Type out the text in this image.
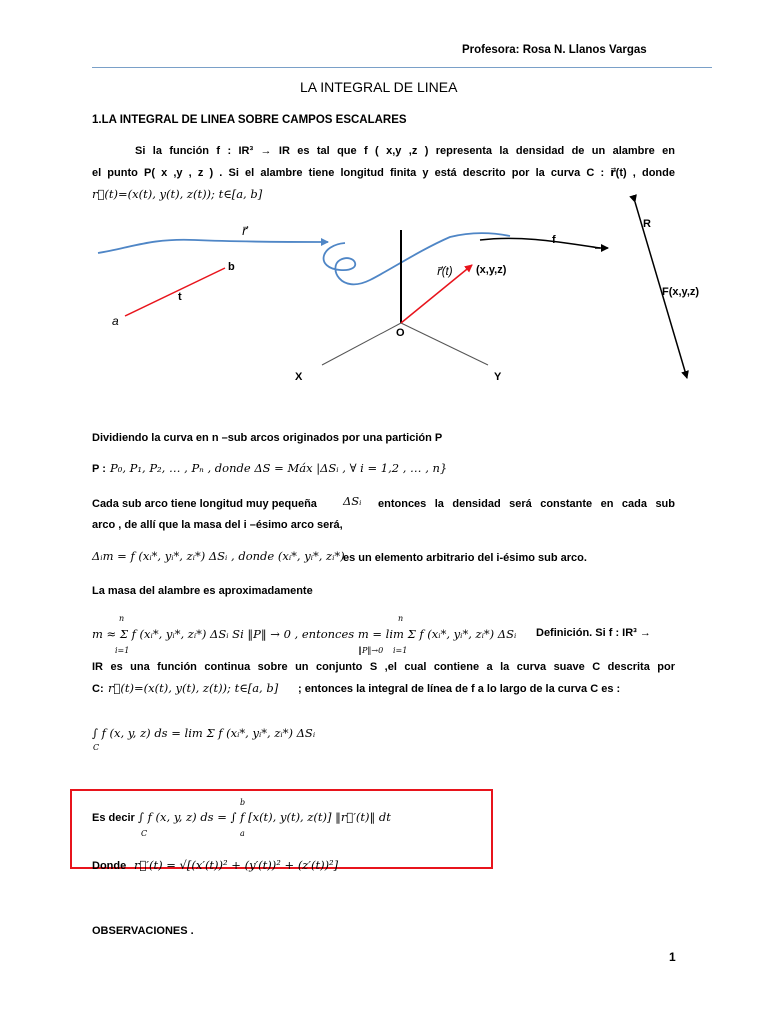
Profesora: Rosa N. Llanos Vargas
LA INTEGRAL DE LINEA
1.LA INTEGRAL DE LINEA SOBRE CAMPOS ESCALARES
Si la función f : IR³ → IR es tal que f ( x,y ,z ) representa la densidad de un alambre en
el punto P( x ,y , z ) . Si el alambre tiene longitud finita y está descrito por la curva C : r⃗(t) , donde
r⃗(t)=(x(t), y(t), z(t)); t∈[a, b]
r⃗
b
t
a
f
r⃗(t) (x,y,z)
O
X	Y
R
F(x,y,z)
Dividiendo la curva en n –sub arcos originados por una partición P
P : P₀, P₁, P₂, … , Pₙ , donde ΔS = Máx |ΔSᵢ , ∀ i = 1,2 , … , n}
Cada sub arco tiene longitud muy pequeña ΔSᵢ entonces la densidad será constante en cada sub
arco , de allí que la masa del i –ésimo arco será,
Δᵢm = f (xᵢ*, yᵢ*, zᵢ*) ΔSᵢ , donde (xᵢ*, yᵢ*, zᵢ*)
es un elemento arbitrario del i-ésimo sub arco.
La masa del alambre es aproximadamente
n	n
m ≈ Σ f (xᵢ*, yᵢ*, zᵢ*) ΔSᵢ Si ‖P‖ → 0 , entonces m = lim Σ f (xᵢ*, yᵢ*, zᵢ*) ΔSᵢ
i=1	‖P‖→0 i=1
Definición. Si f : IR³ →
IR es una función continua sobre un conjunto S ,el cual contiene a la curva suave C descrita por
C: r⃗(t)=(x(t), y(t), z(t)); t∈[a, b] ; entonces la integral de línea de f a lo largo de la curva C es :
∫ f (x, y, z) ds = lim Σ f (xᵢ*, yᵢ*, zᵢ*) ΔSᵢ
C
Es decir
b
∫ f (x, y, z) ds = ∫ f [x(t), y(t), z(t)] ‖r⃗′(t)‖ dt
C	a
Donde r⃗′(t) = √[(x′(t))² + (y′(t))² + (z′(t))²]
OBSERVACIONES .
1
